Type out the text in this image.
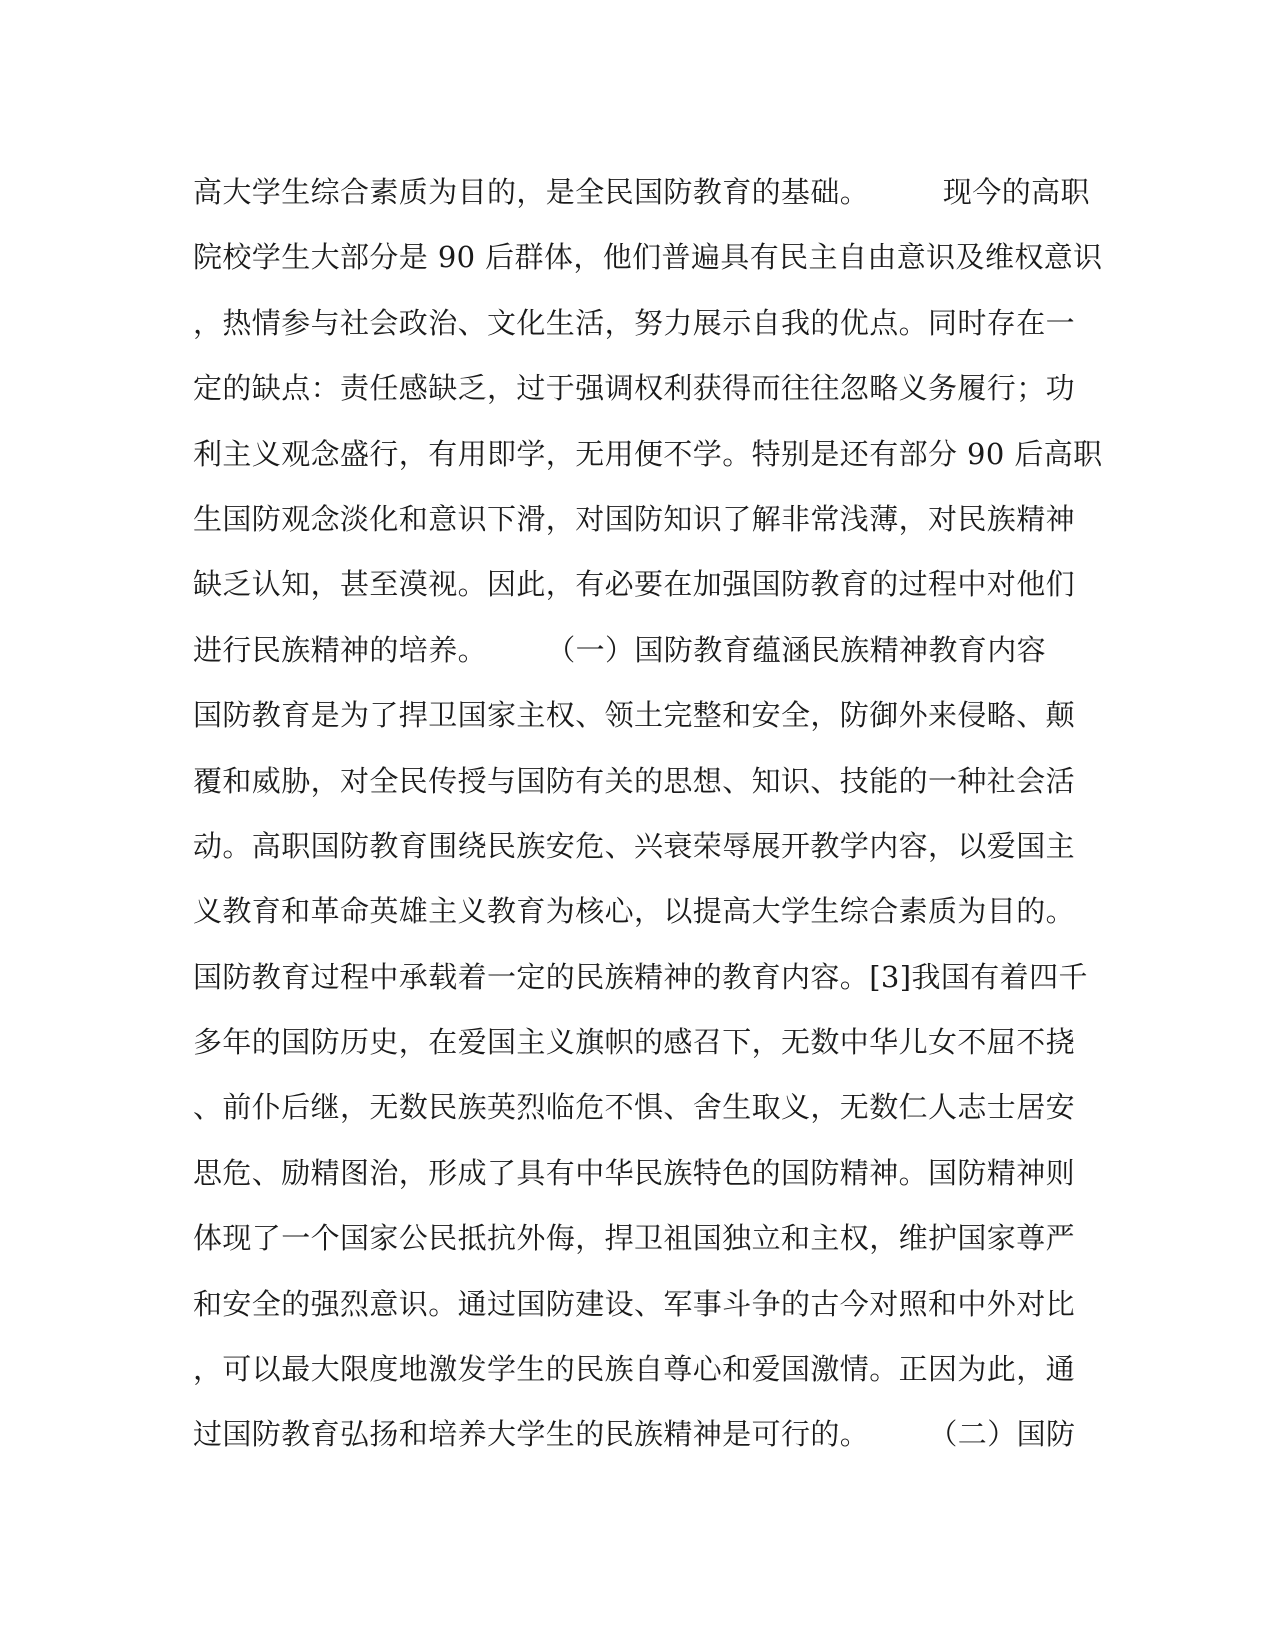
高大学生综合素质为目的，是全民国防教育的基础。　　　现今的高职
院校学生大部分是 90 后群体，他们普遍具有民主自由意识及维权意识
，热情参与社会政治、文化生活，努力展示自我的优点。同时存在一
定的缺点：责任感缺乏，过于强调权利获得而往往忽略义务履行；功
利主义观念盛行，有用即学，无用便不学。特别是还有部分 90 后高职
生国防观念淡化和意识下滑，对国防知识了解非常浅薄，对民族精神
缺乏认知，甚至漠视。因此，有必要在加强国防教育的过程中对他们
进行民族精神的培养。　　　（一）国防教育蕴涵民族精神教育内容
国防教育是为了捍卫国家主权、领土完整和安全，防御外来侵略、颠
覆和威胁，对全民传授与国防有关的思想、知识、技能的一种社会活
动。高职国防教育围绕民族安危、兴衰荣辱展开教学内容，以爱国主
义教育和革命英雄主义教育为核心，以提高大学生综合素质为目的。
国防教育过程中承载着一定的民族精神的教育内容。[3]我国有着四千
多年的国防历史，在爱国主义旗帜的感召下，无数中华儿女不屈不挠
、前仆后继，无数民族英烈临危不惧、舍生取义，无数仁人志士居安
思危、励精图治，形成了具有中华民族特色的国防精神。国防精神则
体现了一个国家公民抵抗外侮，捍卫祖国独立和主权，维护国家尊严
和安全的强烈意识。通过国防建设、军事斗争的古今对照和中外对比
，可以最大限度地激发学生的民族自尊心和爱国激情。正因为此，通
过国防教育弘扬和培养大学生的民族精神是可行的。　　　（二）国防
